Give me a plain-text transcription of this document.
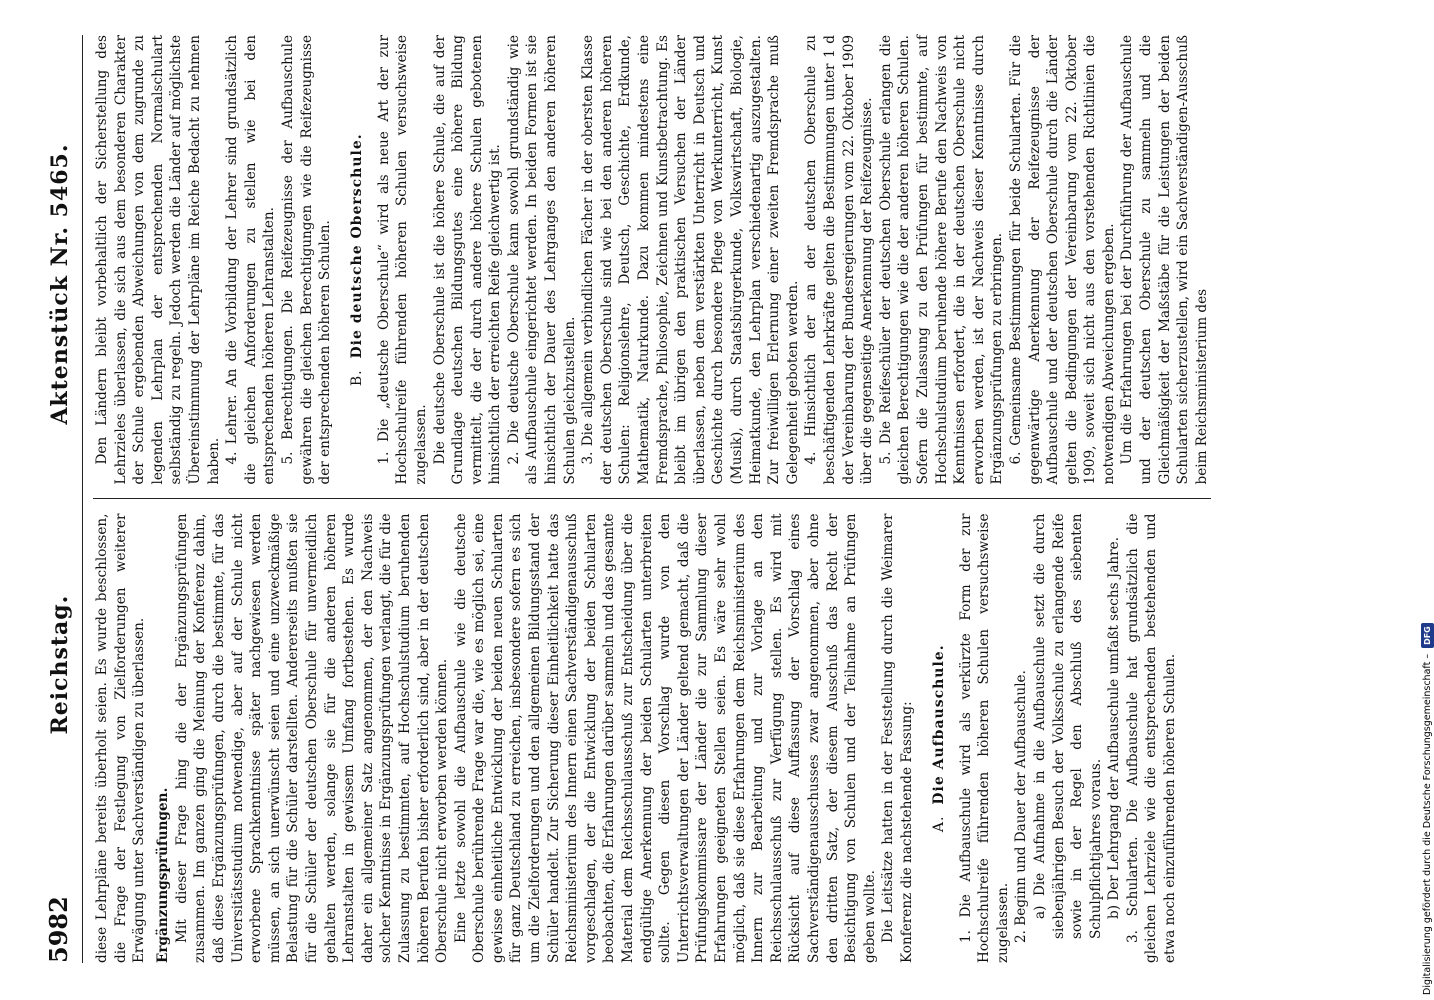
5982
Reichstag.Aktenstück Nr. 5465.

diese Lehrpläne bereits überholt seien. Es wurde beschlossen, die Frage der Festlegung von Zielforderungen weiterer Erwägung unter Sachverständigen zu überlassen. Ergänzungsprüfungen. Mit dieser Frage hing die der Ergänzungsprüfungen zusammen. Im ganzen ging die Meinung der Konferenz dahin, daß diese Ergänzungsprüfungen, durch die bestimmte, für das Universitätsstudium notwendige, aber auf der Schule nicht erworbene Sprachkenntnisse später nachgewiesen werden müssen, an sich unerwünscht seien und eine unzweckmäßige Belastung für die Schüler darstellten. Andererseits mußten sie für die Schüler der deutschen Oberschule für unvermeidlich gehalten werden, solange sie für die anderen höheren Lehranstalten in gewissem Umfang fortbestehen. Es wurde daher ein allgemeiner Satz angenommen, der den Nachweis solcher Kenntnisse in Ergänzungsprüfungen verlangt, die für die Zulassung zu bestimmten, auf Hochschulstudium beruhenden höheren Berufen bisher erforderlich sind, aber in der deutschen Oberschule nicht erworben werden können. Eine letzte sowohl die Aufbauschule wie die deutsche Oberschule berührende Frage war die, wie es möglich sei, eine gewisse einheitliche Entwicklung der beiden neuen Schularten für ganz Deutschland zu erreichen, insbesondere sofern es sich um die Zielforderungen und den allgemeinen Bildungsstand der Schüler handelt. Zur Sicherung dieser Einheitlichkeit hatte das Reichsministerium des Innern einen Sachverständigenausschuß vorgeschlagen, der die Entwicklung der beiden Schularten beobachten, die Erfahrungen darüber sammeln und das gesamte Material dem Reichsschulausschuß zur Entscheidung über die endgültige Anerkennung der beiden Schularten unterbreiten sollte. Gegen diesen Vorschlag wurde von den Unterrichtsverwaltungen der Länder geltend gemacht, daß die Prüfungskommissare der Länder die zur Sammlung dieser Erfahrungen geeigneten Stellen seien. Es wäre sehr wohl möglich, daß sie diese Erfahrungen dem Reichsministerium des Innern zur Bearbeitung und zur Vorlage an den Reichsschulausschuß zur Verfügung stellen. Es wird mit Rücksicht auf diese Auffassung der Vorschlag eines Sachverständigenausschusses zwar angenommen, aber ohne den dritten Satz, der diesem Ausschuß das Recht der Besichtigung von Schulen und der Teilnahme an Prüfungen geben wollte. Die Leitsätze hatten in der Feststellung durch die Weimarer Konferenz die nachstehende Fassung: A.  Die Aufbauschule. 1. Die Aufbauschule wird als verkürzte Form der zur Hochschulreife führenden höheren Schulen versuchsweise zugelassen. 2. Beginn und Dauer der Aufbauschule. a) Die Aufnahme in die Aufbauschule setzt die durch siebenjährigen Besuch der Volksschule zu erlangende Reife sowie in der Regel den Abschluß des siebenten Schulpflichtjahres voraus. b) Der Lehrgang der Aufbauschule umfaßt sechs Jahre. 3. Schularten. Die Aufbauschule hat grundsätzlich die gleichen Lehrziele wie die entsprechenden bestehenden und etwa noch einzuführenden höheren Schulen.

Den Ländern bleibt vorbehaltlich der Sicherstellung des Lehrzieles überlassen, die sich aus dem besonderen Charakter der Schule ergebenden Abweichungen von dem zugrunde zu legenden Lehrplan der entsprechenden Normalschulart selbständig zu regeln. Jedoch werden die Länder auf möglichste Übereinstimmung der Lehrpläne im Reiche Bedacht zu nehmen haben. 4. Lehrer. An die Vorbildung der Lehrer sind grundsätzlich die gleichen Anforderungen zu stellen wie bei den entsprechenden höheren Lehranstalten. 5. Berechtigungen. Die Reifezeugnisse der Aufbauschule gewähren die gleichen Berechtigungen wie die Reifezeugnisse der entsprechenden höheren Schulen. B.  Die deutsche Oberschule. 1. Die „deutsche Oberschule“ wird als neue Art der zur Hochschulreife führenden höheren Schulen versuchsweise zugelassen. Die deutsche Oberschule ist die höhere Schule, die auf der Grundlage deutschen Bildungsgutes eine höhere Bildung vermittelt, die der durch andere höhere Schulen gebotenen hinsichtlich der erreichten Reife gleichwertig ist. 2. Die deutsche Oberschule kann sowohl grundständig wie als Aufbauschule eingerichtet werden. In beiden Formen ist sie hinsichtlich der Dauer des Lehrganges den anderen höheren Schulen gleichzustellen. 3. Die allgemein verbindlichen Fächer in der obersten Klasse der deutschen Oberschule sind wie bei den anderen höheren Schulen: Religionslehre, Deutsch, Geschichte, Erdkunde, Mathematik, Naturkunde. Dazu kommen mindestens eine Fremdsprache, Philosophie, Zeichnen und Kunstbetrachtung. Es bleibt im übrigen den praktischen Versuchen der Länder überlassen, neben dem verstärkten Unterricht in Deutsch und Geschichte durch besondere Pflege von Werkunterricht, Kunst (Musik), durch Staatsbürgerkunde, Volkswirtschaft, Biologie, Heimatkunde, den Lehrplan verschiedenartig auszugestalten. Zur freiwilligen Erlernung einer zweiten Fremdsprache muß Gelegenheit geboten werden. 4. Hinsichtlich der an der deutschen Oberschule zu beschäftigenden Lehrkräfte gelten die Bestimmungen unter 1 d der Vereinbarung der Bundesregierungen vom 22. Oktober 1909 über die gegenseitige Anerkennung der Reifezeugnisse. 5. Die Reifeschüler der deutschen Oberschule erlangen die gleichen Berechtigungen wie die der anderen höheren Schulen. Sofern die Zulassung zu den Prüfungen für bestimmte, auf Hochschulstudium beruhende höhere Berufe den Nachweis von Kenntnissen erfordert, die in der deutschen Oberschule nicht erworben werden, ist der Nachweis dieser Kenntnisse durch Ergänzungsprüfungen zu erbringen. 6. Gemeinsame Bestimmungen für beide Schularten. Für die gegenwärtige Anerkennung der Reifezeugnisse der Aufbauschule und der deutschen Oberschule durch die Länder gelten die Bedingungen der Vereinbarung vom 22. Oktober 1909, soweit sich nicht aus den vorstehenden Richtlinien die notwendigen Abweichungen ergeben. Um die Erfahrungen bei der Durchführung der Aufbauschule und der deutschen Oberschule zu sammeln und die Gleichmäßigkeit der Maßstäbe für die Leistungen der beiden Schularten sicherzustellen, wird ein Sachverständigen-Ausschuß beim Reichsministerium des

Digitalisierung gefördert durch die Deutsche Forschungsgemeinschaft –
DFG
